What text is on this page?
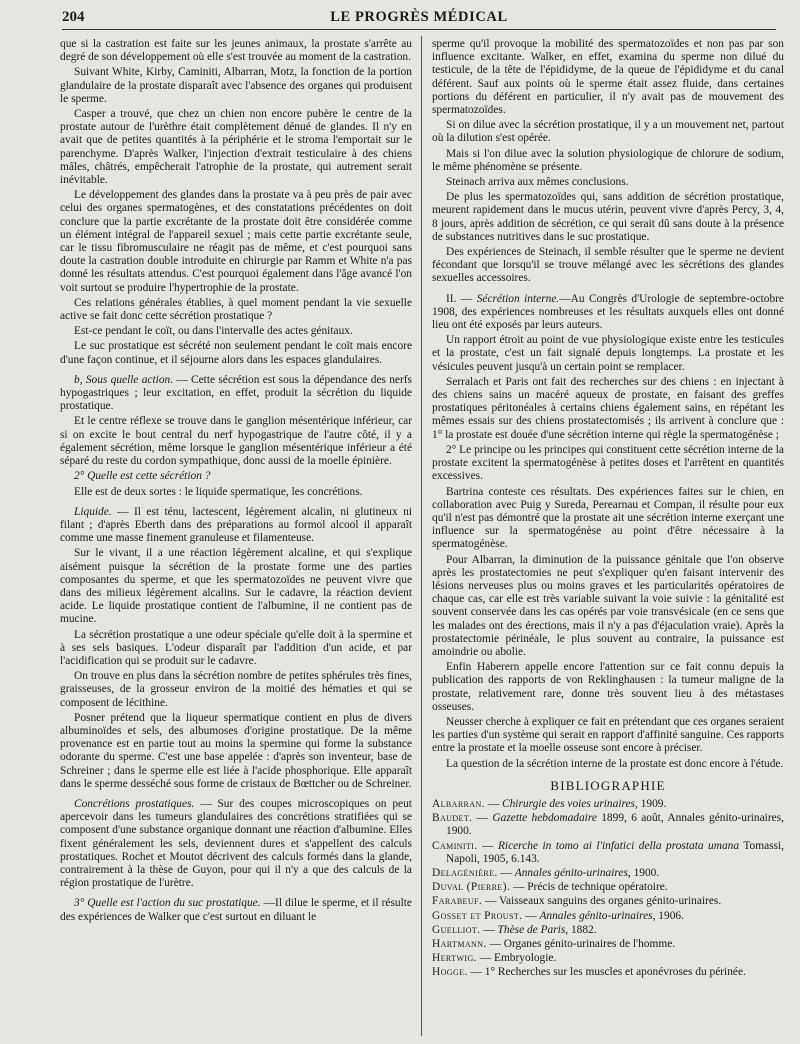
204	LE PROGRÈS MÉDICAL

que si la castration est faite sur les jeunes animaux, la prostate s'arrête au degré de son développement où elle s'est trouvée au moment de la castration.

Suivant White, Kirby, Caminiti, Albarran, Motz, la fonction de la portion glandulaire de la prostate disparaît avec l'absence des organes qui produisent le sperme.

Casper a trouvé, que chez un chien non encore pubère le centre de la prostate autour de l'urèthre était complètement dénué de glandes. Il n'y en avait que de petites quantités à la périphérie et le stroma l'emportait sur le parenchyme. D'après Walker, l'injection d'extrait testiculaire à des chiens mâles, châtrés, empêcherait l'atrophie de la prostate, qui autrement serait inévitable.

Le développement des glandes dans la prostate va à peu près de pair avec celui des organes spermatogènes, et des constatations précédentes on doit conclure que la partie excrétante de la prostate doit être considérée comme un élément intégral de l'appareil sexuel ; mais cette partie excrétante seule, car le tissu fibromusculaire ne réagit pas de même, et c'est pourquoi sans doute la castration double introduite en chirurgie par Ramm et White n'a pas donné les résultats attendus. C'est pourquoi également dans l'âge avancé l'on voit surtout se produire l'hypertrophie de la prostate.

Ces relations générales établies, à quel moment pendant la vie sexuelle active se fait donc cette sécrétion prostatique ?

Est-ce pendant le coït, ou dans l'intervalle des actes génitaux.

Le suc prostatique est sécrété non seulement pendant le coït mais encore d'une façon continue, et il séjourne alors dans les espaces glandulaires.

b, Sous quelle action. — Cette sécrétion est sous la dépendance des nerfs hypogastriques ; leur excitation, en effet, produit la sécrétion du liquide prostatique.

Et le centre réflexe se trouve dans le ganglion mésentérique inférieur, car si on excite le bout central du nerf hypogastrique de l'autre côté, il y a également sécrétion, même lorsque le ganglion mésentérique inférieur a été séparé du reste du cordon sympathique, donc aussi de la moelle épinière.

2° Quelle est cette sécrétion ?

Elle est de deux sortes : le liquide spermatique, les concrétions.

Liquide. — Il est ténu, lactescent, légèrement alcalin, ni glutineux ni filant ; d'après Eberth dans des préparations au formol alcool il apparaît comme une masse finement granuleuse et filamenteuse.

Sur le vivant, il a une réaction légèrement alcaline, et qui s'explique aisément puisque la sécrétion de la prostate forme une des parties composantes du sperme, et que les spermatozoïdes ne peuvent vivre que dans des milieux légèrement alcalins. Sur le cadavre, la réaction devient acide. Le liquide prostatique contient de l'albumine, il ne contient pas de mucine.

La sécrétion prostatique a une odeur spéciale qu'elle doit à la spermine et à ses sels basiques. L'odeur disparaît par l'addition d'un acide, et par l'acidification qui se produit sur le cadavre.

On trouve en plus dans la sécrétion nombre de petites sphérules très fines, graisseuses, de la grosseur environ de la moitié des hématies et qui se composent de lécithine.

Posner prétend que la liqueur spermatique contient en plus de divers albuminoïdes et sels, des albumoses d'origine prostatique. De la même provenance est en partie tout au moins la spermine qui forme la substance odorante du sperme. C'est une base appelée : d'après son inventeur, base de Schreiner ; dans le sperme elle est liée à l'acide phosphorique. Elle apparaît dans le sperme desséché sous forme de cristaux de Bœttcher ou de Schreiner.

Concrétions prostatiques. — Sur des coupes microscopiques on peut apercevoir dans les tumeurs glandulaires des concrétions stratifiées qui se composent d'une substance organique donnant une réaction d'albumine. Elles fixent généralement les sels, deviennent dures et s'appellent des calculs prostatiques. Rochet et Moutot décrivent des calculs formés dans la glande, contrairement à la thèse de Guyon, pour qui il n'y a que des calculs de la région prostatique de l'urètre.

3° Quelle est l'action du suc prostatique. —Il dilue le sperme, et il résulte des expériences de Walker que c'est surtout en diluant le

sperme qu'il provoque la mobilité des spermatozoïdes et non pas par son influence excitante. Walker, en effet, examina du sperme non dilué du testicule, de la tête de l'épididyme, de la queue de l'épididyme et du canal déférent. Sauf aux points où le sperme était assez fluide, dans certaines portions du déférent en particulier, il n'y avait pas de mouvement des spermatozoïdes.

Si on dilue avec la sécrétion prostatique, il y a un mouvement net, partout où la dilution s'est opérée.

Mais si l'on dilue avec la solution physiologique de chlorure de sodium, le même phénomène se présente.

Steinach arriva aux mêmes conclusions.

De plus les spermatozoïdes qui, sans addition de sécrétion prostatique, meurent rapidement dans le mucus utérin, peuvent vivre d'après Percy, 3, 4, 8 jours, après addition de sécrétion, ce qui serait dû sans doute à la présence de substances nutritives dans le suc prostatique.

Des expériences de Steinach, il semble résulter que le sperme ne devient fécondant que lorsqu'il se trouve mélangé avec les sécrétions des glandes sexuelles accessoires.

II. — Sécrétion interne.—Au Congrès d'Urologie de septembre-octobre 1908, des expériences nombreuses et les résultats auxquels elles ont donné lieu ont été exposés par leurs auteurs.

Un rapport étroit au point de vue physiologique existe entre les testicules et la prostate, c'est un fait signalé depuis longtemps. La prostate et les vésicules peuvent jusqu'à un certain point se remplacer.

Serralach et Paris ont fait des recherches sur des chiens : en injectant à des chiens sains un macéré aqueux de prostate, en faisant des greffes prostatiques péritonéales à certains chiens également sains, en répétant les mêmes essais sur des chiens prostatectomisés ; ils arrivent à conclure que : 1° la prostate est douée d'une sécrétion interne qui règle la spermatogénèse ;

2° Le principe ou les principes qui constituent cette sécrétion interne de la prostate excitent la spermatogénèse à petites doses et l'arrêtent en quantités excessives.

Bartrina conteste ces résultats. Des expériences faites sur le chien, en collaboration avec Puig y Sureda, Perearnau et Compan, il résulte pour eux qu'il n'est pas démontré que la prostate ait une sécrétion interne exerçant une influence sur la spermatogénèse au point d'être nécessaire à la spermatogénèse.

Pour Albarran, la diminution de la puissance génitale que l'on observe après les prostatectomies ne peut s'expliquer qu'en faisant intervenir des lésions nerveuses plus ou moins graves et les particularités opératoires de chaque cas, car elle est très variable suivant la voie suivie : la génitalité est souvent conservée dans les cas opérés par voie transvésicale (en ce sens que les malades ont des érections, mais il n'y a pas d'éjaculation vraie). Après la prostatectomie périnéale, le plus souvent au contraire, la puissance est amoindrie ou abolie.

Enfin Haberern appelle encore l'attention sur ce fait connu depuis la publication des rapports de von Reklinghausen : la tumeur maligne de la prostate, relativement rare, donne très souvent lieu à des métastases osseuses.

Neusser cherche à expliquer ce fait en prétendant que ces organes seraient les parties d'un système qui serait en rapport d'affinité sanguine. Ces rapports entre la prostate et la moelle osseuse sont encore à préciser.

La question de la sécrétion interne de la prostate est donc encore à l'étude.

BIBLIOGRAPHIE

Albarran. — Chirurgie des voies urinaires, 1909.

Baudet. — Gazette hebdomadaire 1899, 6 août, Annales génito-urinaires, 1900.

Caminiti. — Ricerche in tomo ai l'infatici della prostata umana Tomassi, Napoli, 1905, 6.143.

Delagénière. — Annales génito-urinaires, 1900.

Duval (Pierre). — Précis de technique opératoire.

Farabeuf. — Vaisseaux sanguins des organes génito-urinaires.

Gosset et Proust. — Annales génito-urinaires, 1906.

Guelliot. — Thèse de Paris, 1882.

Hartmann. — Organes génito-urinaires de l'homme.

Hertwig. — Embryologie.

Hogge. — 1° Recherches sur les muscles et aponévroses du périnée.
